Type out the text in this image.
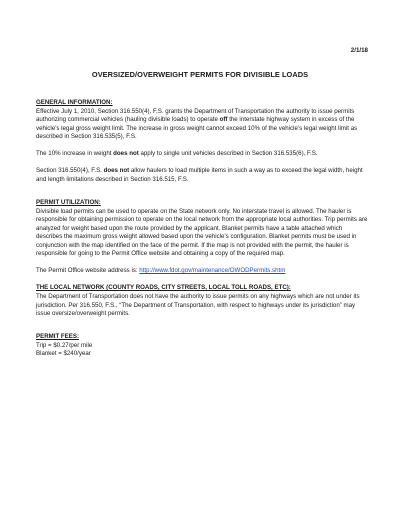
2/1/18
OVERSIZED/OVERWEIGHT PERMITS FOR DIVISIBLE LOADS
GENERAL INFORMATION:

Effective July 1, 2010, Section 316.550(4), F.S. grants the Department of Transportation the authority to issue permits authorizing commercial vehicles (hauling divisible loads) to operate off the interstate highway system in excess of the vehicle’s legal gross weight limit. The increase in gross weight cannot exceed 10% of the vehicle’s legal weight limit as described in Section 316.535(5), F.S.

The 10% increase in weight does not apply to single unit vehicles described in Section 316.535(6), F.S.

Section 316.550(4), F.S. does not allow haulers to load multiple items in such a way as to exceed the legal width, height and length limitations described in Section 316.515, F.S.

PERMIT UTILIZATION:

Divisible load permits can be used to operate on the State network only. No interstate travel is allowed. The hauler is responsible for obtaining permission to operate on the local network from the appropriate local authorities. Trip permits are analyzed for weight based upon the route provided by the applicant. Blanket permits have a table attached which describes the maximum gross weight allowed based upon the vehicle’s configuration. Blanket permits must be used in conjunction with the map identified on the face of the permit. If the map is not provided with the permit, the hauler is responsible for going to the Permit Office website and obtaining a copy of the required map.

The Permit Office website address is: http://www.fdot.gov/maintenance/OWODPermits.shtm

THE LOCAL NETWORK (COUNTY ROADS, CITY STREETS, LOCAL TOLL ROADS, ETC):

The Department of Transportation does not have the authority to issue permits on any highways which are not under its jurisdiction. Per 316.550, F.S., “The Department of Transportation, with respect to highways under its jurisdiction” may issue oversize/overweight permits.

PERMIT FEES:
Trip = $0.27/per mile
Blanket = $240/year
